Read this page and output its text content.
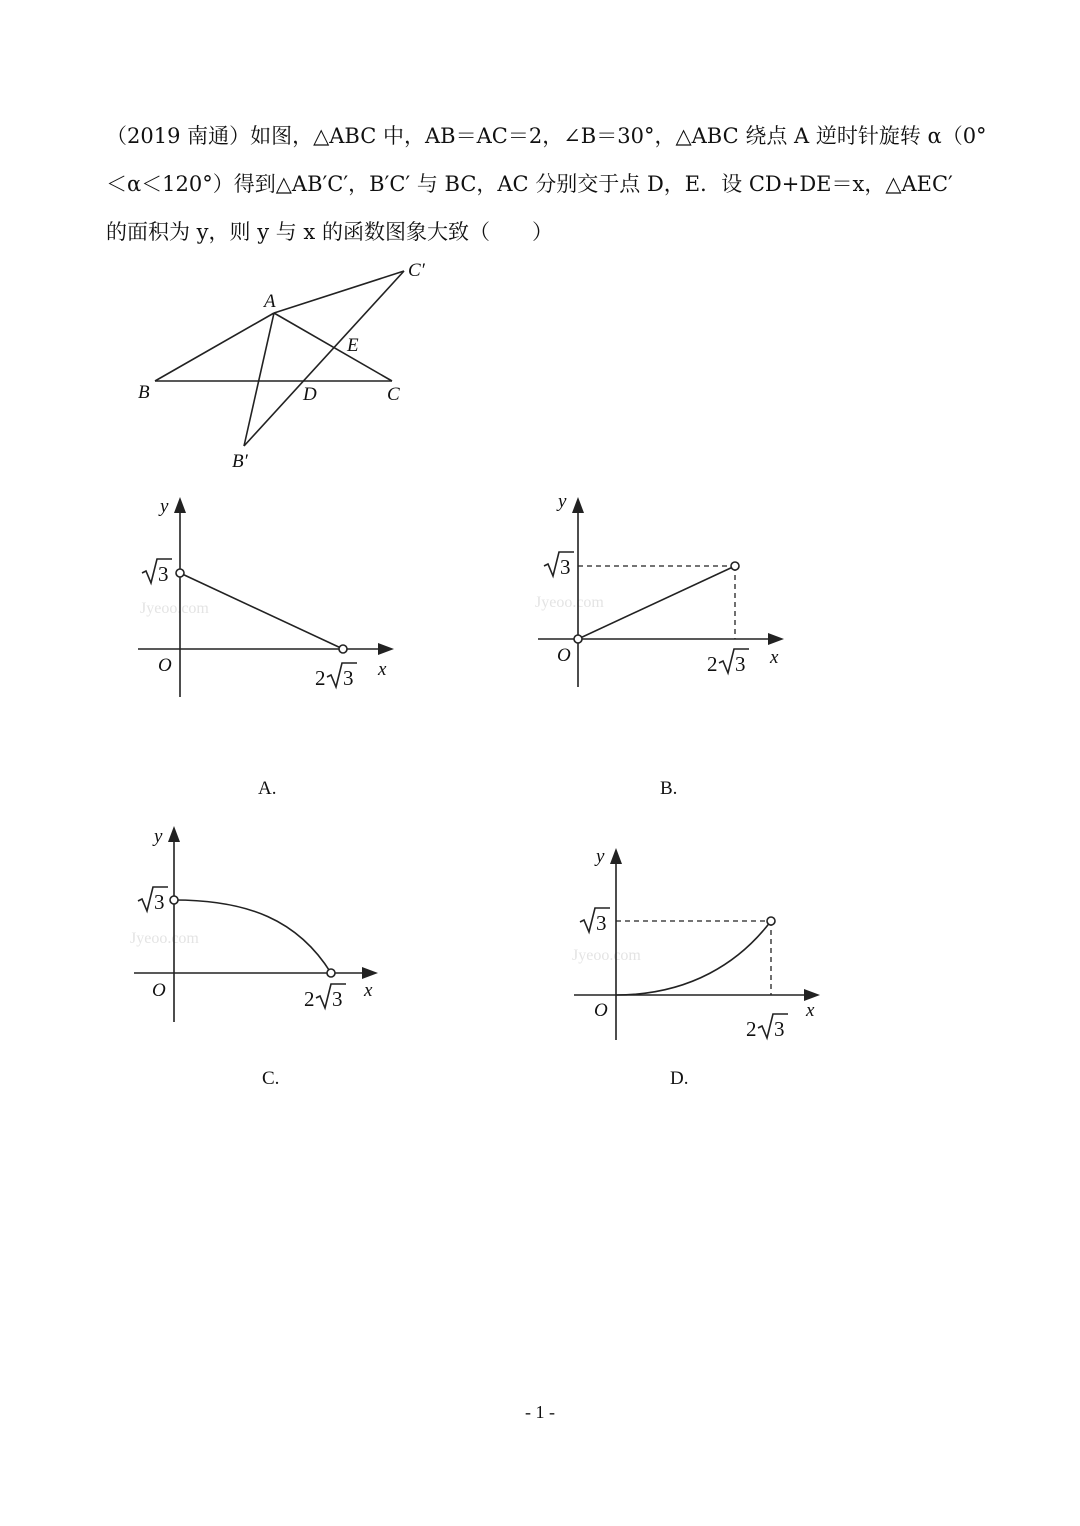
（2019 南通）如图，△ABC 中，AB＝AC＝2，∠B＝30°，△ABC 绕点 A 逆时针旋转 α（0°
＜α＜120°）得到△AB′C′，B′C′ 与 BC，AC 分别交于点 D，E．设 CD+DE＝x，△AEC′
的面积为 y，则 y 与 x 的函数图象大致（　　）
A
B	C
D
E
B′
C′
Jyeoo.com
y
x
O
3
2 3
Jyeoo.com
y
x
O
3
2 3
A.	B.
Jyeoo.com
y
x
O
3
2 3
Jyeoo.com
y
x
O
3
2 3
C.	D.
- 1 -
